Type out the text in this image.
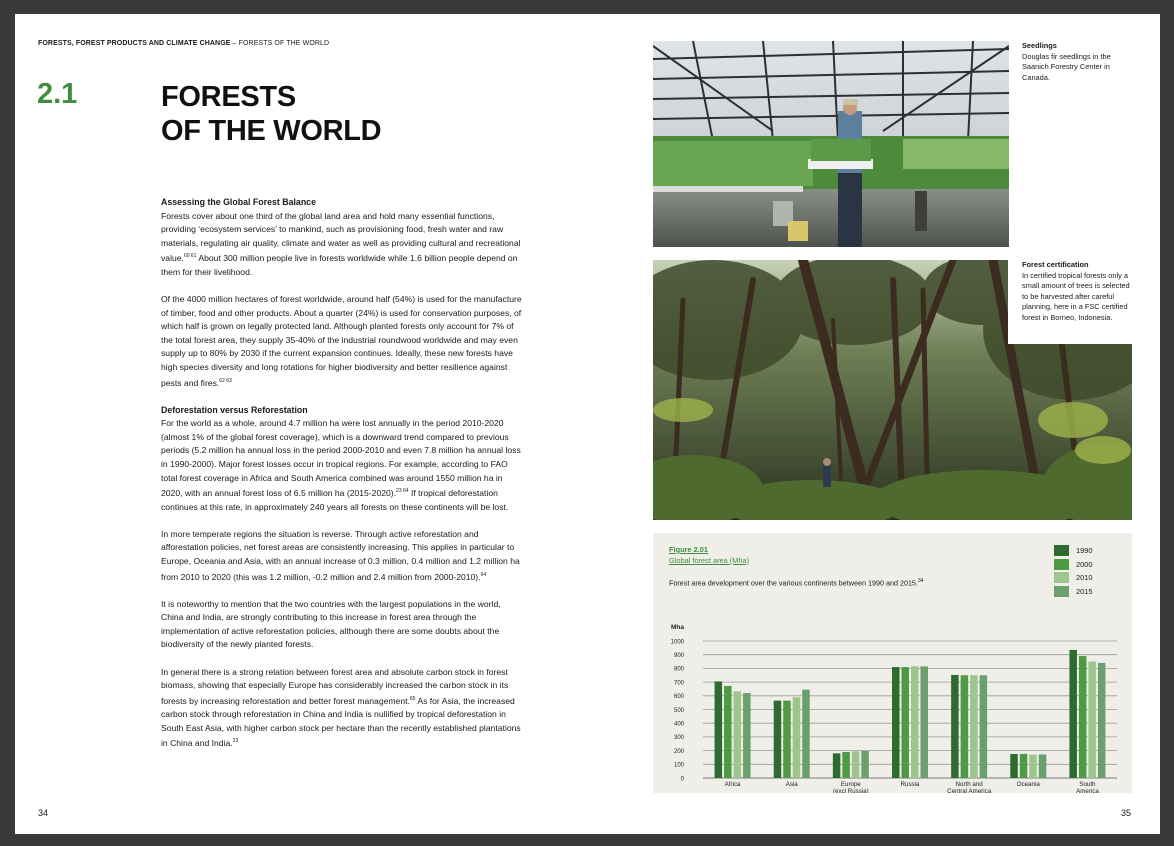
FORESTS, FOREST PRODUCTS AND CLIMATE CHANGE – FORESTS OF THE WORLD
2.1	FORESTS
OF THE WORLD
Assessing the Global Forest Balance

Forests cover about one third of the global land area and hold many essential functions, providing ‘ecosystem services’ to mankind, such as provisioning food, fresh water and raw materials, regulating air quality, climate and water as well as providing cultural and recreational value.$^{60 61}$ About 300 million people live in forests worldwide while 1.6 billion people depend on them for their livelihood.

Of the 4000 million hectares of forest worldwide, around half (54%) is used for the manufacture of timber, food and other products. About a quarter (24%) is used for conservation purposes, of which half is grown on legally protected land. Although planted forests only account for 7% of the total forest area, they supply 35-40% of the industrial roundwood worldwide and may even supply up to 80% by 2030 if the current expansion continues. Ideally, these new forests have high species diversity and long rotations for higher biodiversity and better resilience against pests and fires.$^{62 63}$

Deforestation versus Reforestation

For the world as a whole, around 4.7 million ha were lost annually in the period 2010-2020 (almost 1% of the global forest coverage), which is a downward trend compared to previous periods (5.2 million ha annual loss in the period 2000-2010 and even 7.8 million ha annual loss in 1990-2000). Major forest losses occur in tropical regions. For example, according to FAO total forest coverage in Africa and South America combined was around 1550 million ha in 2020, with an annual forest loss of 6.5 million ha (2015-2020).$^{23 64}$ If tropical deforestation continues at this rate, in approximately 240 years all forests on these continents will be lost.

In more temperate regions the situation is reverse. Through active reforestation and afforestation policies, net forest areas are consistently increasing. This applies in particular to Europe, Oceania and Asia, with an annual increase of 0.3 million, 0.4 million and 1.2 million ha from 2010 to 2020 (this was 1.2 million, -0.2 million and 2.4 million from 2000-2010).$^{64}$

It is noteworthy to mention that the two countries with the largest populations in the world, China and India, are strongly contributing to this increase in forest area through the implementation of active reforestation policies, although there are some doubts about the biodiversity of the newly planted forests.

In general there is a strong relation between forest area and absolute carbon stock in forest biomass, showing that especially Europe has considerably increased the carbon stock in its forests by increasing reforestation and better forest management.$^{65}$ As for Asia, the increased carbon stock through reforestation in China and India is nullified by tropical deforestation in South East Asia, with higher carbon stock per hectare than the recently established plantations in China and India.$^{23}$

34	35
Seedlings
Douglas fir seedlings in the Saanich Forestry Center in Canada.
Forest certification
In certified tropical forests only a small amount of trees is selected to be harvested after careful planning, here in a FSC certified forest in Borneo, Indonesia.
Figure 2.01
Global forest area (Mha)
Forest area development over the various continents between 1990 and 2015.34
1990
2000
2010
2015
Mha
0
100
200
300
400
500
600
700
800
900
1000
Africa	Asia	Europe
(excl Russia)
Russia	North and
Central America
Oceania	South
America
